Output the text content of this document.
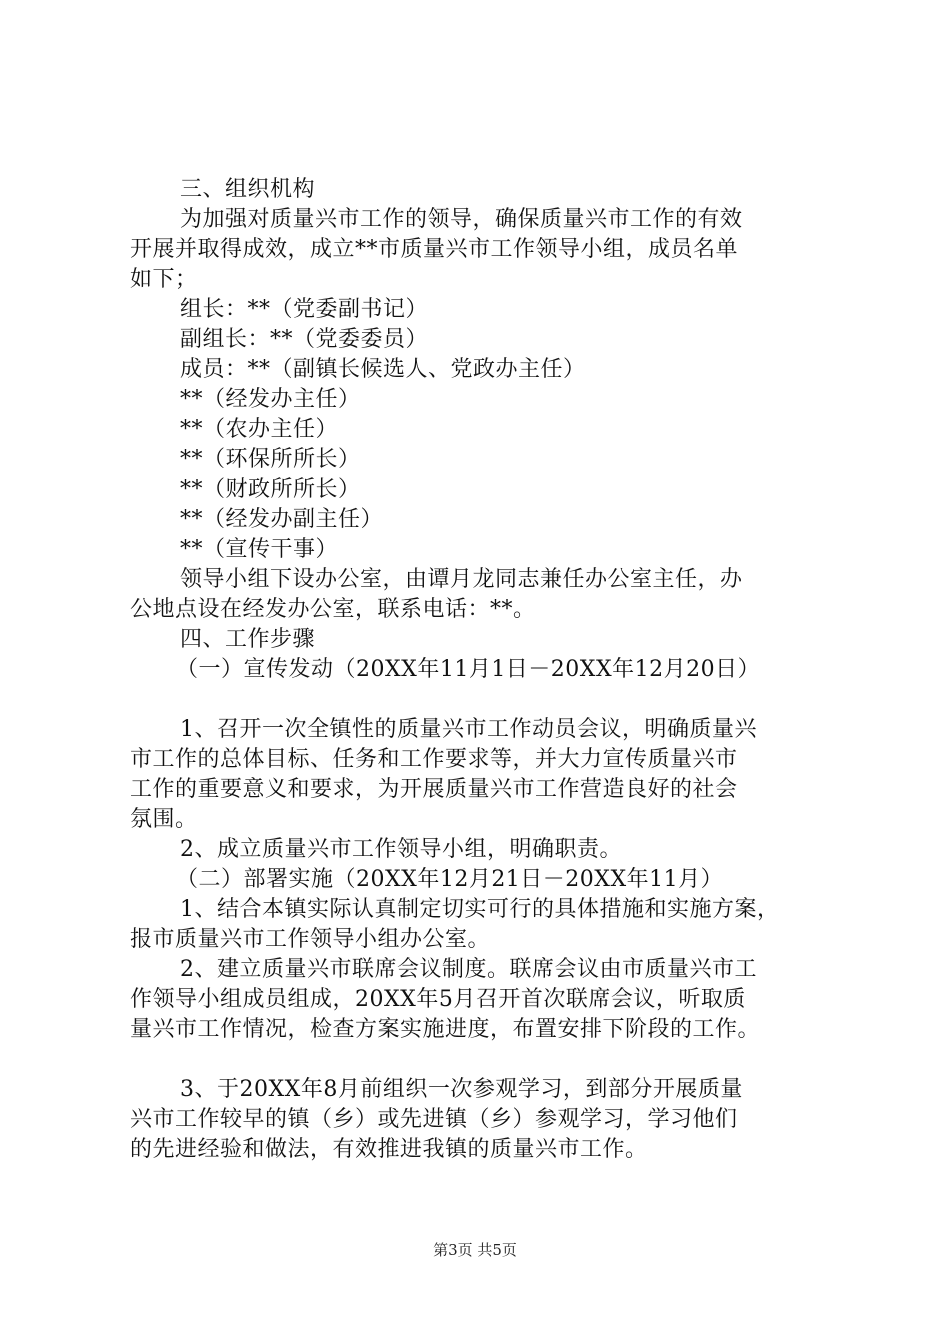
三、组织机构
为加强对质量兴市工作的领导，确保质量兴市工作的有效
开展并取得成效，成立**市质量兴市工作领导小组，成员名单
如下；
组长：**（党委副书记）
副组长：**（党委委员）
成员：**（副镇长候选人、党政办主任）
**（经发办主任）
**（农办主任）
**（环保所所长）
**（财政所所长）
**（经发办副主任）
**（宣传干事）
领导小组下设办公室，由谭月龙同志兼任办公室主任，办
公地点设在经发办公室，联系电话：**。
四、工作步骤
（一）宣传发动（20XX年11月1日－20XX年12月20日）
1、召开一次全镇性的质量兴市工作动员会议，明确质量兴
市工作的总体目标、任务和工作要求等，并大力宣传质量兴市
工作的重要意义和要求，为开展质量兴市工作营造良好的社会
氛围。
2、成立质量兴市工作领导小组，明确职责。
（二）部署实施（20XX年12月21日－20XX年11月）
1、结合本镇实际认真制定切实可行的具体措施和实施方案，
报市质量兴市工作领导小组办公室。
2、建立质量兴市联席会议制度。联席会议由市质量兴市工
作领导小组成员组成，20XX年5月召开首次联席会议，听取质
量兴市工作情况，检查方案实施进度，布置安排下阶段的工作。
3、于20XX年8月前组织一次参观学习，到部分开展质量
兴市工作较早的镇（乡）或先进镇（乡）参观学习，学习他们
的先进经验和做法，有效推进我镇的质量兴市工作。
第3页 共5页
